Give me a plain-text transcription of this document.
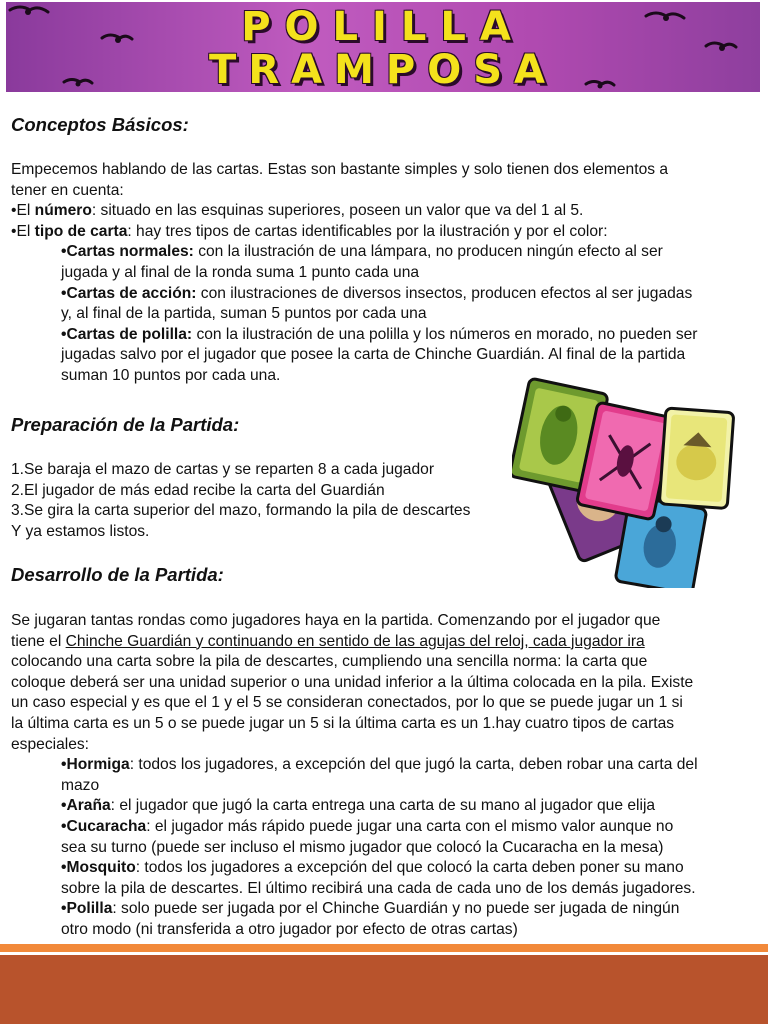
POLILLA
TRAMPOSA
Conceptos Básicos:
Empecemos hablando de las cartas. Estas son bastante simples y solo tienen dos elementos a
tener en cuenta:
•El número: situado en las esquinas superiores, poseen un valor que va del 1 al 5.
•El tipo de carta: hay tres tipos de cartas identificables por la ilustración y por el color:
•Cartas normales: con la ilustración de una lámpara, no producen ningún efecto al ser
jugada y al final de la ronda suma 1 punto cada una
•Cartas de acción: con ilustraciones de diversos insectos, producen efectos al ser jugadas
y, al final de la partida, suman 5 puntos por cada una
•Cartas de polilla: con la ilustración de una polilla y los números en morado, no pueden ser
jugadas salvo por el jugador que posee la carta de Chinche Guardián. Al final de la partida
suman 10 puntos por cada una.
Preparación de la Partida:
1.Se baraja el mazo de cartas y se reparten 8 a cada jugador
2.El jugador de más edad recibe la carta del Guardián
3.Se gira la carta superior del mazo, formando la pila de descartes
Y ya estamos listos.
Desarrollo de la Partida:
Se jugaran tantas rondas como jugadores haya en la partida. Comenzando por el jugador que
tiene el Chinche Guardián y continuando en sentido de las agujas del reloj, cada jugador ira
colocando una carta sobre la pila de descartes, cumpliendo una sencilla norma: la carta que
coloque deberá ser una unidad superior o una unidad inferior a la última colocada en la pila. Existe
un caso especial y es que el 1 y el 5 se consideran conectados, por lo que se puede jugar un 1 si
la última carta es un 5 o se puede jugar un 5 si la última carta es un 1.hay cuatro tipos de cartas
especiales:
•Hormiga: todos los jugadores, a excepción del que jugó la carta, deben robar una carta del
mazo
•Araña: el jugador que jugó la carta entrega una carta de su mano al jugador que elija
•Cucaracha: el jugador más rápido puede jugar una carta con el mismo valor aunque no
sea su turno (puede ser incluso el mismo jugador que colocó la Cucaracha en la mesa)
•Mosquito: todos los jugadores a excepción del que colocó la carta deben poner su mano
sobre la pila de descartes. El último recibirá una cada de cada uno de los demás jugadores.
•Polilla: solo puede ser jugada por el Chinche Guardián y no puede ser jugada de ningún
otro modo (ni transferida a otro jugador por efecto de otras cartas)
